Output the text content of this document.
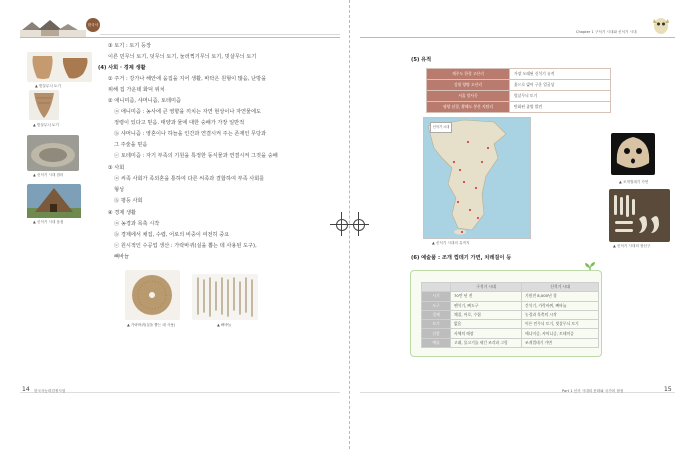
한국사
▲ 빗살무늬 토기
▲ 빗살무늬 토기
▲ 신석기 시대 집터
▲ 신석기 시대 움집
③ 토기 : 토기 등장
이른 민무늬 토기, 덧무늬 토기, 눌러찍기무늬 토기, 빗살무늬 토기
(4) 사회 · 경제 생활
① 주거 : 강가나 해안에 움집을 지어 생활, 바닥은 원형이 많음, 난방을
위해 집 가운데 화덕 위치
② 애니미즘, 샤머니즘, 토테미즘
ⓐ 애니미즘 : 농사에 큰 영향을 끼치는 자연 현상이나 자연물에도
정령이 있다고 믿음. 태양과 물에 대한 숭배가 가장 일반적
ⓑ 샤머니즘 : 영혼이나 하늘을 인간과 연결시켜 주는 존재인 무당과
그 주술을 믿음
ⓒ 토테미즘 : 자기 부족의 기원을 특정한 동식물과 연결시켜 그것을 숭배
③ 사회
ⓐ 씨족 사회가 족외혼을 통하여 다른 씨족과 결합하여 부족 사회를
형성
ⓑ 평등 사회
④ 경제 생활
ⓐ 농경과 목축 시작
ⓑ 경제에서 채집, 수렵, 어로의 비중이 여전히 중요
ⓒ 원시적인 수공업 생산 : 가락바퀴(실을 뽑는 데 사용된 도구),
뼈바늘
▲ 가락바퀴(실을 뽑는 데 사용)	▲ 뼈바늘
14 한국사능력검정시험
Chapter 1 구석기 시대와 신석기 시대
(5) 유적
제주도 한경 고산리	가장 오래된 신석기 유적
강원 양양 오산리	흙으로 빚어 구운 얼굴상
서울 암사동	빗살무늬 토기
평양 남경, 황해도 봉산 지탑리	탄화된 좁쌀 발견
신석기 시대
▲ 신석기 시대의 유적지
▲ 조개껍데기 가면
▲ 신석기 시대의 장신구
(6) 예술품 : 조개 껍데기 가면, 치레걸이 등
	구석기 시대	신석기 시대
시기	70만 년 전	기원전 8,000년 경
도구	뗀석기, 뼈도구	간석기, 가락바퀴, 뼈바늘
경제	채집, 어로, 수렵	농경과 목축의 시작
토기	없음	이른 민무늬 토기, 빗살무늬 토기
신앙	사체의 매장	애니미즘, 샤머니즘, 토테미즘
예술	고래, 물고기를 새긴 조각과 그림	조개껍데기 가면
Part 1 선사 시대의 문화와 국가의 형성	15
